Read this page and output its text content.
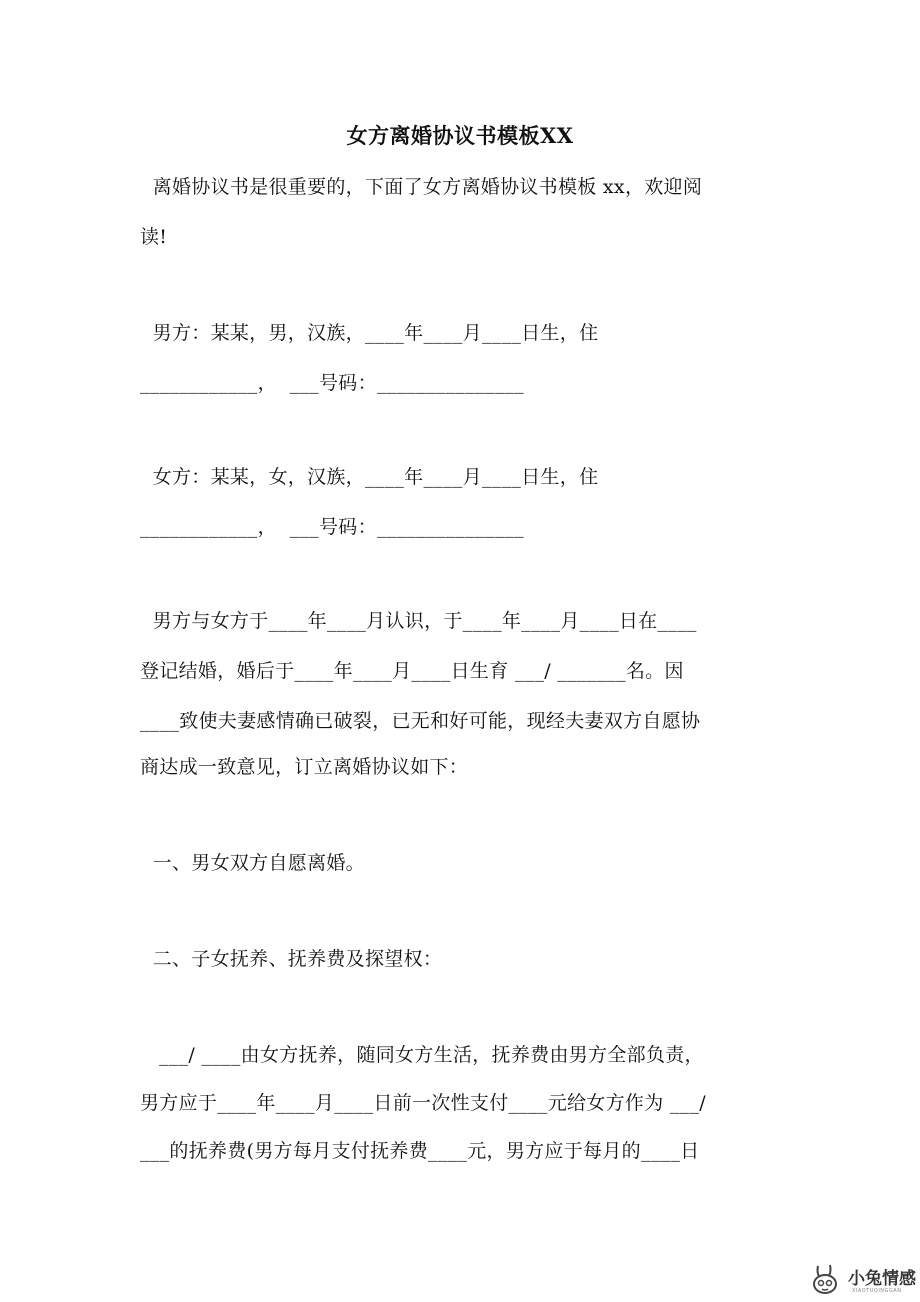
女方离婚协议书模板XX
离婚协议书是很重要的，下面了女方离婚协议书模板 xx，欢迎阅
读!
男方：某某，男，汉族，____年____月____日生，住
____________，  ___号码：_______________
女方：某某，女，汉族，____年____月____日生，住
____________，  ___号码：_______________
男方与女方于____年____月认识，于____年____月____日在____
登记结婚，婚后于____年____月____日生育 ___/ _______名。因
____致使夫妻感情确已破裂，已无和好可能，现经夫妻双方自愿协
商达成一致意见，订立离婚协议如下：
一、男女双方自愿离婚。
二、子女抚养、抚养费及探望权：
___/ ____由女方抚养，随同女方生活，抚养费由男方全部负责，
男方应于____年____月____日前一次性支付____元给女方作为 ___/
___的抚养费(男方每月支付抚养费____元，男方应于每月的____日
小兔情感
XIAOTUQINGGAN
